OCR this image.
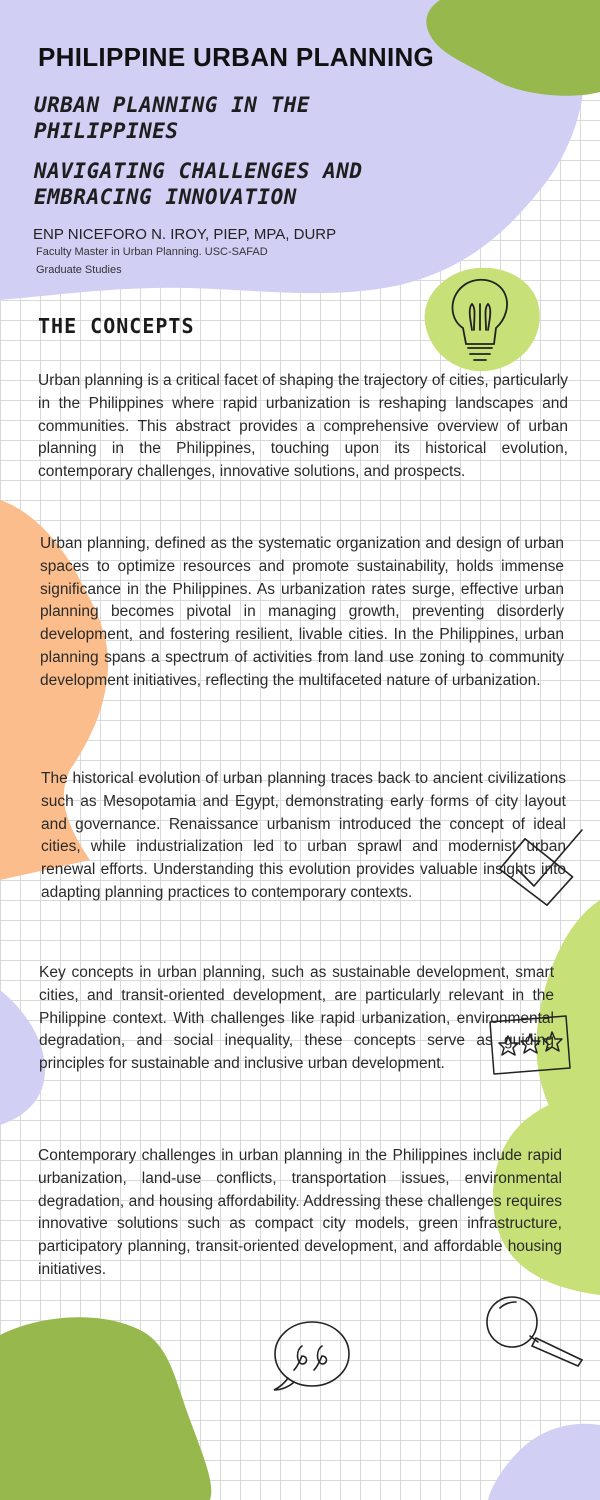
PHILIPPINE URBAN PLANNING
URBAN PLANNING IN THE PHILIPPINES
NAVIGATING CHALLENGES AND EMBRACING INNOVATION
ENP NICEFORO N. IROY, PIEP, MPA, DURP
Faculty Master in Urban Planning. USC-SAFAD
Graduate Studies
THE CONCEPTS

Urban planning is a critical facet of shaping the trajectory of cities, particularly in the Philippines where rapid urbanization is reshaping landscapes and communities. This abstract provides a comprehensive overview of urban planning in the Philippines, touching upon its historical evolution, contemporary challenges, innovative solutions, and prospects.

Urban planning, defined as the systematic organization and design of urban spaces to optimize resources and promote sustainability, holds immense significance in the Philippines. As urbanization rates surge, effective urban planning becomes pivotal in managing growth, preventing disorderly development, and fostering resilient, livable cities. In the Philippines, urban planning spans a spectrum of activities from land use zoning to community development initiatives, reflecting the multifaceted nature of urbanization.

The historical evolution of urban planning traces back to ancient civilizations such as Mesopotamia and Egypt, demonstrating early forms of city layout and governance. Renaissance urbanism introduced the concept of ideal cities, while industrialization led to urban sprawl and modernist urban renewal efforts. Understanding this evolution provides valuable insights into adapting planning practices to contemporary contexts.

Key concepts in urban planning, such as sustainable development, smart cities, and transit-oriented development, are particularly relevant in the Philippine context. With challenges like rapid urbanization, environmental degradation, and social inequality, these concepts serve as guiding principles for sustainable and inclusive urban development.

Contemporary challenges in urban planning in the Philippines include rapid urbanization, land-use conflicts, transportation issues, environmental degradation, and housing affordability. Addressing these challenges requires innovative solutions such as compact city models, green infrastructure, participatory planning, transit-oriented development, and affordable housing initiatives.
